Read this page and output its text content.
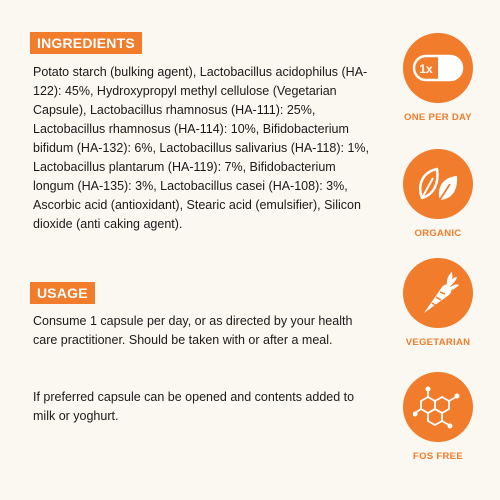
INGREDIENTS

Potato starch (bulking agent), Lactobacillus acidophilus (HA-122): 45%, Hydroxypropyl methyl cellulose (Vegetarian Capsule), Lactobacillus rhamnosus (HA-111): 25%, Lactobacillus rhamnosus (HA-114): 10%, Bifidobacterium bifidum (HA-132): 6%, Lactobacillus salivarius (HA-118): 1%, Lactobacillus plantarum (HA-119): 7%, Bifidobacterium longum (HA-135): 3%, Lactobacillus casei (HA-108): 3%, Ascorbic acid (antioxidant), Stearic acid (emulsifier), Silicon dioxide (anti caking agent).

USAGE

Consume 1 capsule per day, or as directed by your health care practitioner. Should be taken with or after a meal.

If preferred capsule can be opened and contents added to milk or yoghurt.

1x
ONE PER DAY
ORGANIC
VEGETARIAN
FOS FREE
